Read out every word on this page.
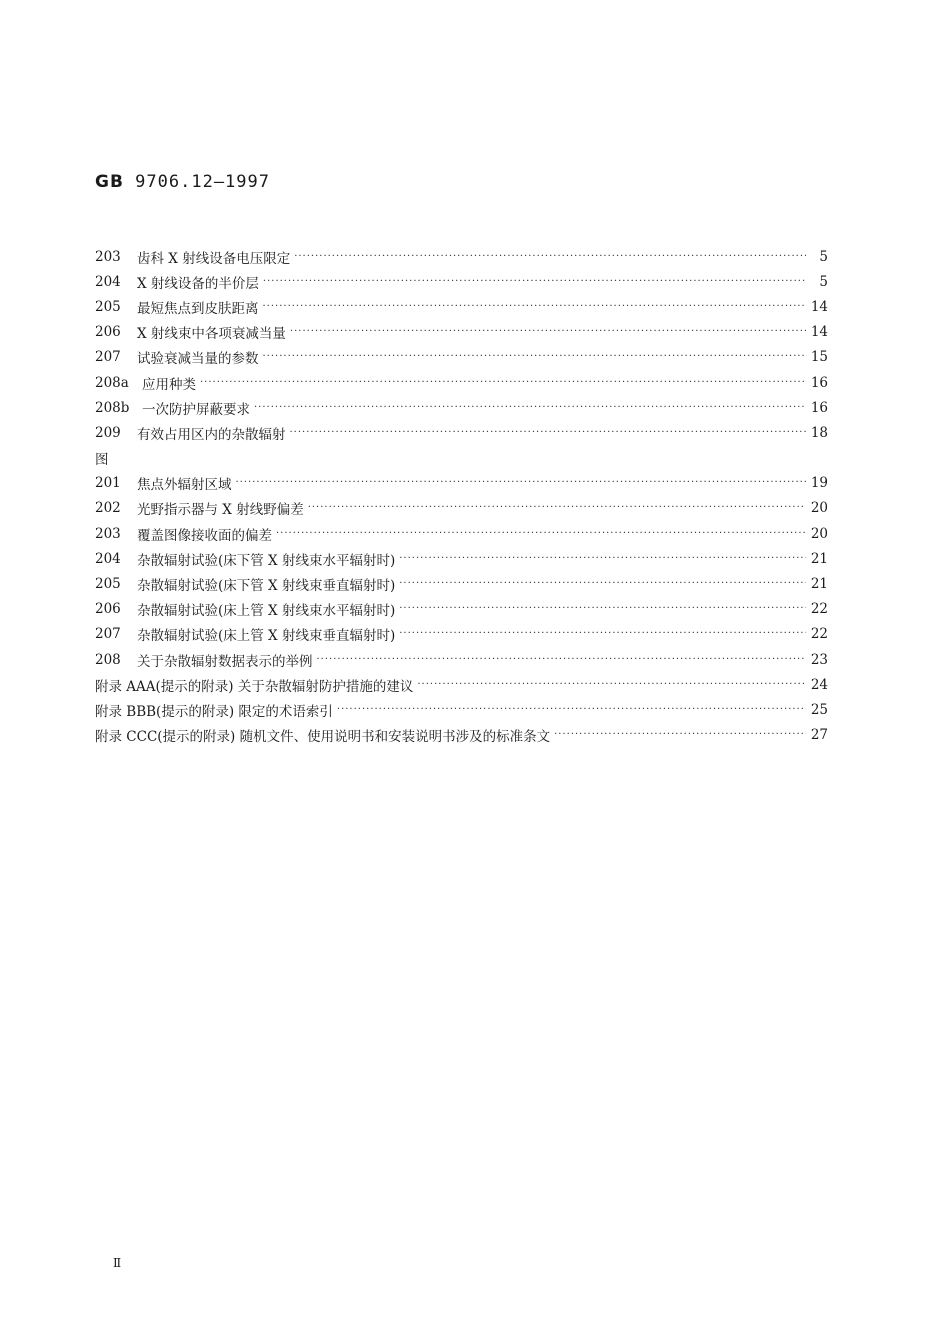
GB 9706.12—1997
203	齿科 X 射线设备电压限定 ·····	5
204	X 射线设备的半价层 ·····	5
205	最短焦点到皮肤距离 ·····	14
206	X 射线束中各项衰减当量 ·····	14
207	试验衰减当量的参数 ·····	15
208a 应用种类 ·····	16
208b 一次防护屏蔽要求 ·····	16
209	有效占用区内的杂散辐射 ·····	18
图
201	焦点外辐射区域 ·····	19
202	光野指示器与 X 射线野偏差 ·····	20
203	覆盖图像接收面的偏差 ·····	20
204	杂散辐射试验(床下管 X 射线束水平辐射时) ·····	21
205	杂散辐射试验(床下管 X 射线束垂直辐射时) ·····	21
206	杂散辐射试验(床上管 X 射线束水平辐射时) ·····	22
207	杂散辐射试验(床上管 X 射线束垂直辐射时) ·····	22
208	关于杂散辐射数据表示的举例 ·····	23
附录 AAA(提示的附录) 关于杂散辐射防护措施的建议 ·····	24
附录 BBB(提示的附录) 限定的术语索引 ·····	25
附录 CCC(提示的附录) 随机文件、使用说明书和安装说明书涉及的标准条文 ·····	27
Ⅱ
